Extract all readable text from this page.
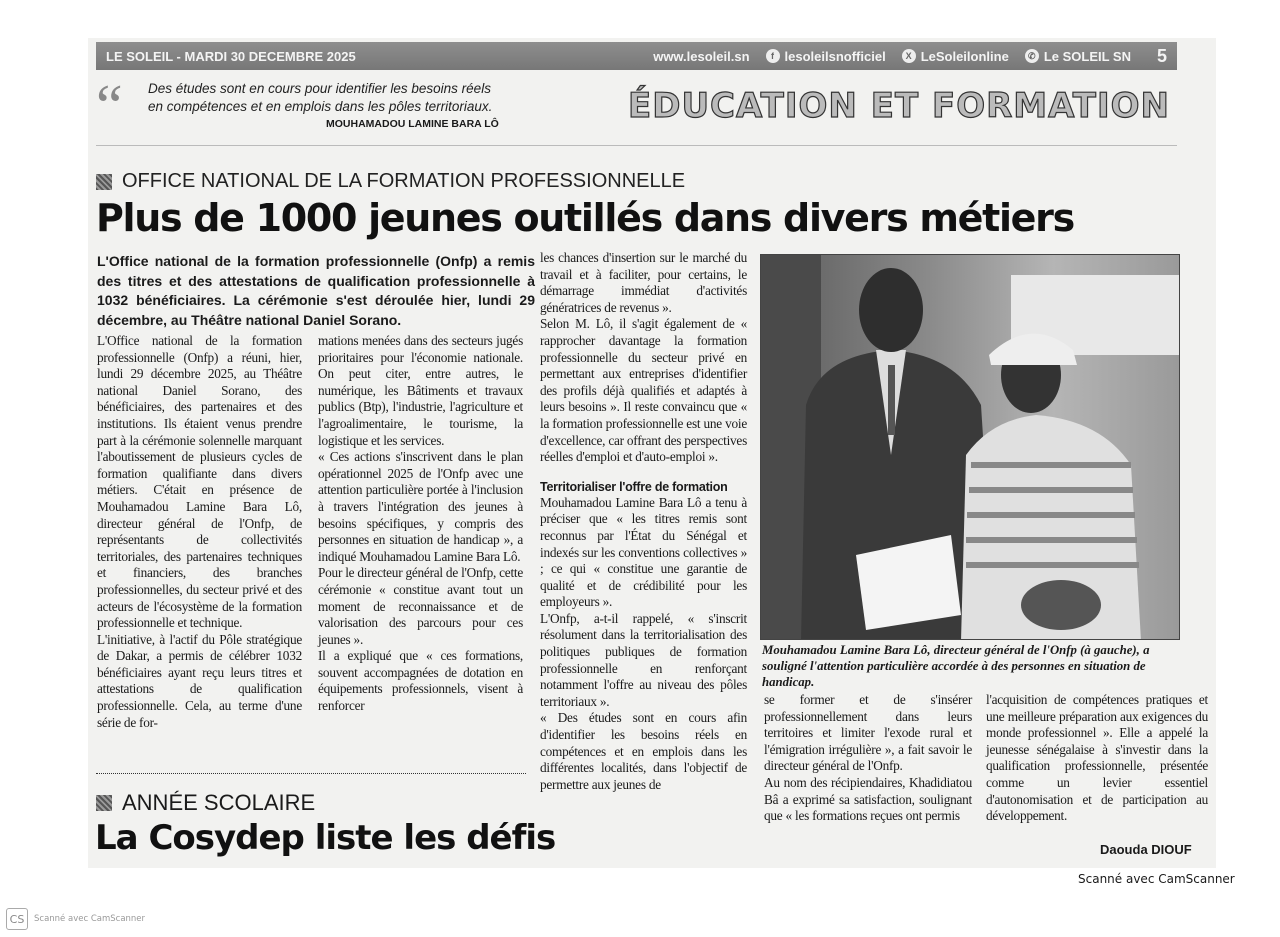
LE SOLEIL - MARDI 30 DECEMBRE 2025	www.lesoleil.sn	f lesoleilsnofficiel	X LeSoleilonline	✆ Le SOLEIL SN 5
“ Des études sont en cours pour identifier les besoins réels en compétences et en emplois dans les pôles territoriaux.
MOUHAMADOU LAMINE BARA LÔ	ÉDUCATION ET FORMATION
OFFICE NATIONAL DE LA FORMATION PROFESSIONNELLE
Plus de 1000 jeunes outillés dans divers métiers
L'Office national de la formation professionnelle (Onfp) a remis des titres et des attestations de qualification professionnelle à 1032 bénéficiaires. La cérémonie s'est déroulée hier, lundi 29 décembre, au Théâtre national Daniel Sorano.

L'Office national de la formation professionnelle (Onfp) a réuni, hier, lundi 29 décembre 2025, au Théâtre national Daniel Sorano, des bénéficiaires, des partenaires et des institutions. Ils étaient venus prendre part à la cérémonie solennelle marquant l'aboutissement de plusieurs cycles de formation qualifiante dans divers métiers. C'était en présence de Mouhamadou Lamine Bara Lô, directeur général de l'Onfp, de représentants de collectivités territoriales, des partenaires techniques et financiers, des branches professionnelles, du secteur privé et des acteurs de l'écosystème de la formation professionnelle et technique.

L'initiative, à l'actif du Pôle stratégique de Dakar, a permis de célébrer 1032 bénéficiaires ayant reçu leurs titres et attestations de qualification professionnelle. Cela, au terme d'une série de for-

mations menées dans des secteurs jugés prioritaires pour l'économie nationale. On peut citer, entre autres, le numérique, les Bâtiments et travaux publics (Btp), l'industrie, l'agriculture et l'agroalimentaire, le tourisme, la logistique et les services.

« Ces actions s'inscrivent dans le plan opérationnel 2025 de l'Onfp avec une attention particulière portée à l'inclusion à travers l'intégration des jeunes à besoins spécifiques, y compris des personnes en situation de handicap », a indiqué Mouhamadou Lamine Bara Lô.

Pour le directeur général de l'Onfp, cette cérémonie « constitue avant tout un moment de reconnaissance et de valorisation des parcours pour ces jeunes ».

Il a expliqué que « ces formations, souvent accompagnées de dotation en équipements professionnels, visent à renforcer

les chances d'insertion sur le marché du travail et à faciliter, pour certains, le démarrage immédiat d'activités génératrices de revenus ».

Selon M. Lô, il s'agit également de « rapprocher davantage la formation professionnelle du secteur privé en permettant aux entreprises d'identifier des profils déjà qualifiés et adaptés à leurs besoins ». Il reste convaincu que « la formation professionnelle est une voie d'excellence, car offrant des perspectives réelles d'emploi et d'auto-emploi ».

Territorialiser l'offre de formation

Mouhamadou Lamine Bara Lô a tenu à préciser que « les titres remis sont reconnus par l'État du Sénégal et indexés sur les conventions collectives » ; ce qui « constitue une garantie de qualité et de crédibilité pour les employeurs ».

L'Onfp, a-t-il rappelé, « s'inscrit résolument dans la territorialisation des politiques publiques de formation professionnelle en renforçant notamment l'offre au niveau des pôles territoriaux ».

« Des études sont en cours afin d'identifier les besoins réels en compétences et en emplois dans les différentes localités, dans l'objectif de permettre aux jeunes de

Mouhamadou Lamine Bara Lô, directeur général de l'Onfp (à gauche), a souligné l'attention particulière accordée à des personnes en situation de handicap.

se former et de s'insérer professionnellement dans leurs territoires et limiter l'exode rural et l'émigration irrégulière », a fait savoir le directeur général de l'Onfp.

Au nom des récipiendaires, Khadidiatou Bâ a exprimé sa satisfaction, soulignant que « les formations reçues ont permis

l'acquisition de compétences pratiques et une meilleure préparation aux exigences du monde professionnel ». Elle a appelé la jeunesse sénégalaise à s'investir dans la qualification professionnelle, présentée comme un levier essentiel d'autonomisation et de participation au développement.

Daouda DIOUF
ANNÉE SCOLAIRE
La Cosydep liste les défis
Scanné avec CamScanner
CS	Scanné avec CamScanner
